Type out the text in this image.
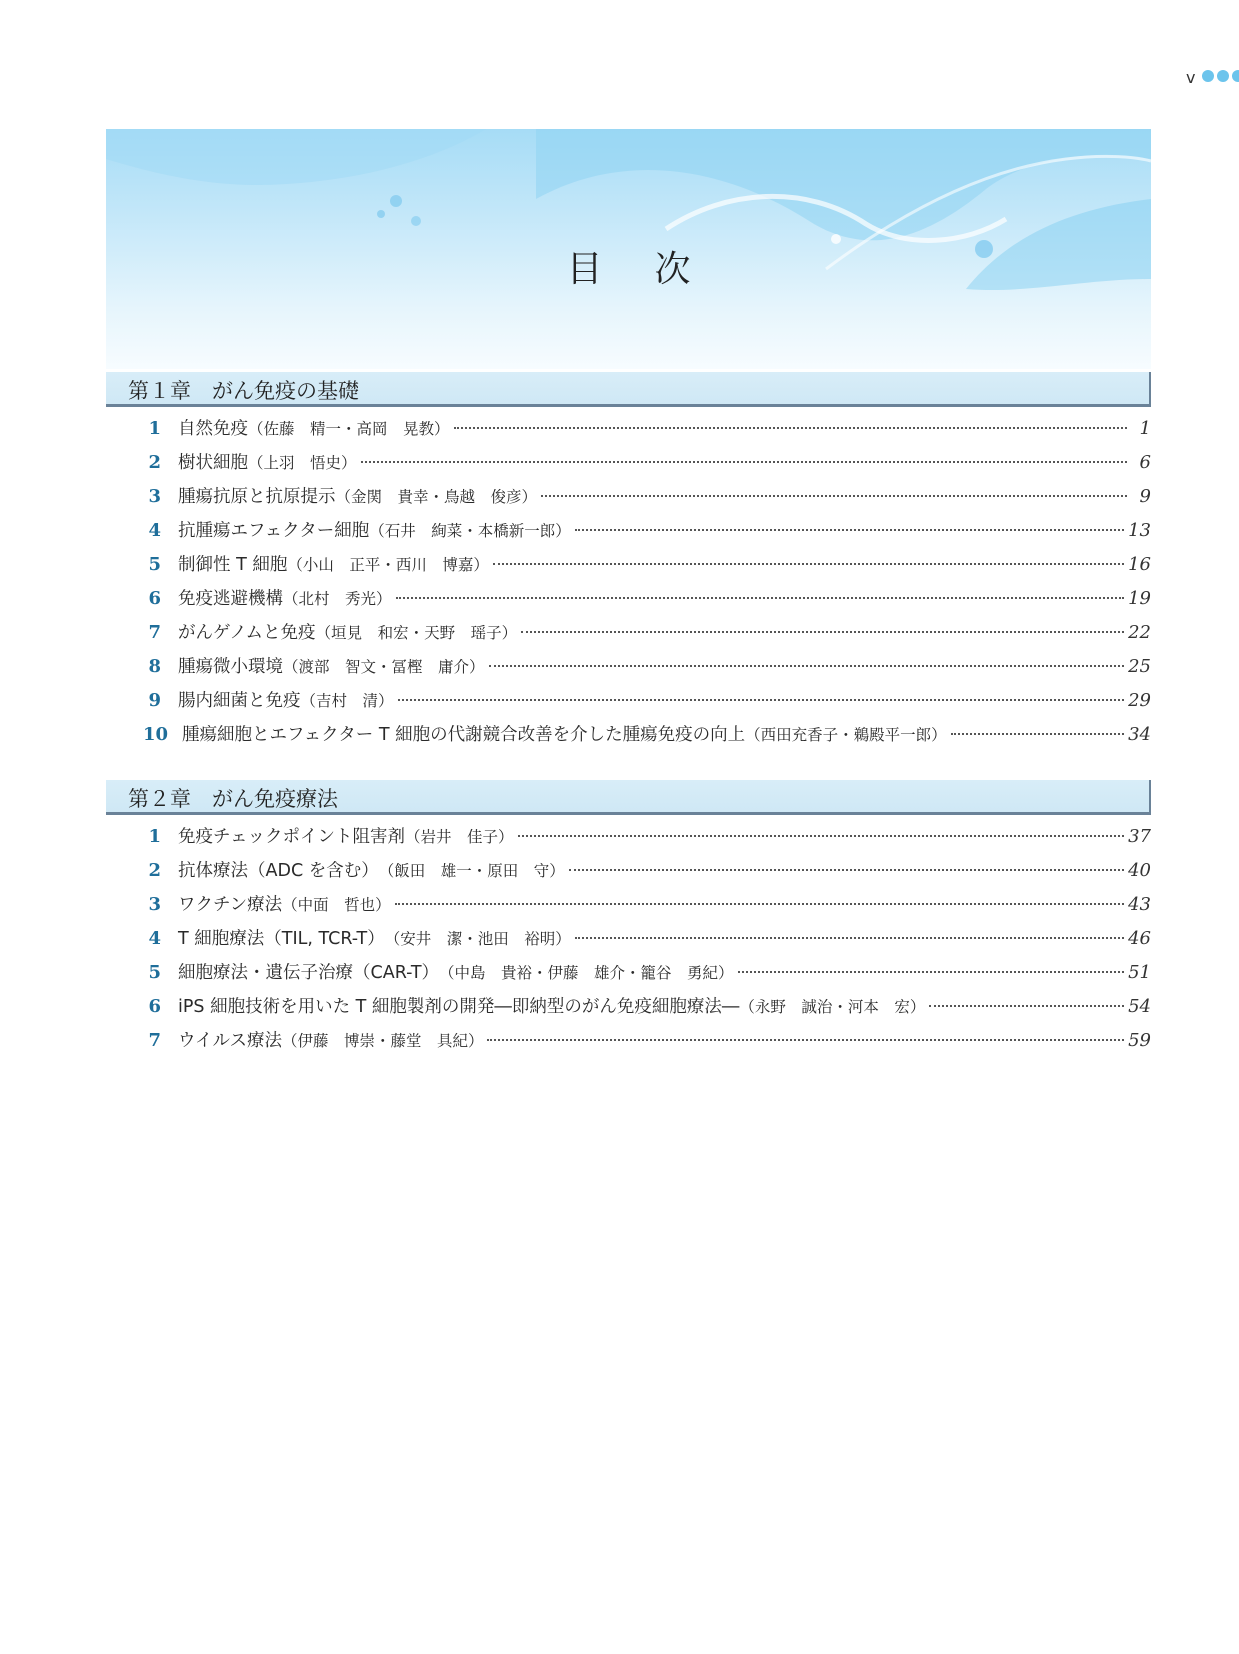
v
目次
第１章　がん免疫の基礎
1 自然免疫 （佐藤　精一・高岡　晃教）	1
2 樹状細胞 （上羽　悟史）	6
3 腫瘍抗原と抗原提示 （金関　貴幸・鳥越　俊彦）	9
4 抗腫瘍エフェクター細胞 （石井　絢菜・本橋新一郎）	13
5 制御性 T 細胞 （小山　正平・西川　博嘉）	16
6 免疫逃避機構 （北村　秀光）	19
7 がんゲノムと免疫 （垣見　和宏・天野　瑶子）	22
8 腫瘍微小環境 （渡部　智文・冨樫　庸介）	25
9 腸内細菌と免疫 （吉村　清）	29
10 腫瘍細胞とエフェクター T 細胞の代謝競合改善を介した腫瘍免疫の向上 （西田充香子・鵜殿平一郎）	34
第２章　がん免疫療法
1 免疫チェックポイント阻害剤 （岩井　佳子）	37
2 抗体療法（ADC を含む） （飯田　雄一・原田　守）	40
3 ワクチン療法 （中面　哲也）	43
4 T 細胞療法（TIL, TCR-T） （安井　潔・池田　裕明）	46
5 細胞療法・遺伝子治療（CAR-T） （中島　貴裕・伊藤　雄介・籠谷　勇紀）	51
6 iPS 細胞技術を用いた T 細胞製剤の開発―即納型のがん免疫細胞療法― （永野　誠治・河本　宏）	54
7 ウイルス療法 （伊藤　博崇・藤堂　具紀）	59
